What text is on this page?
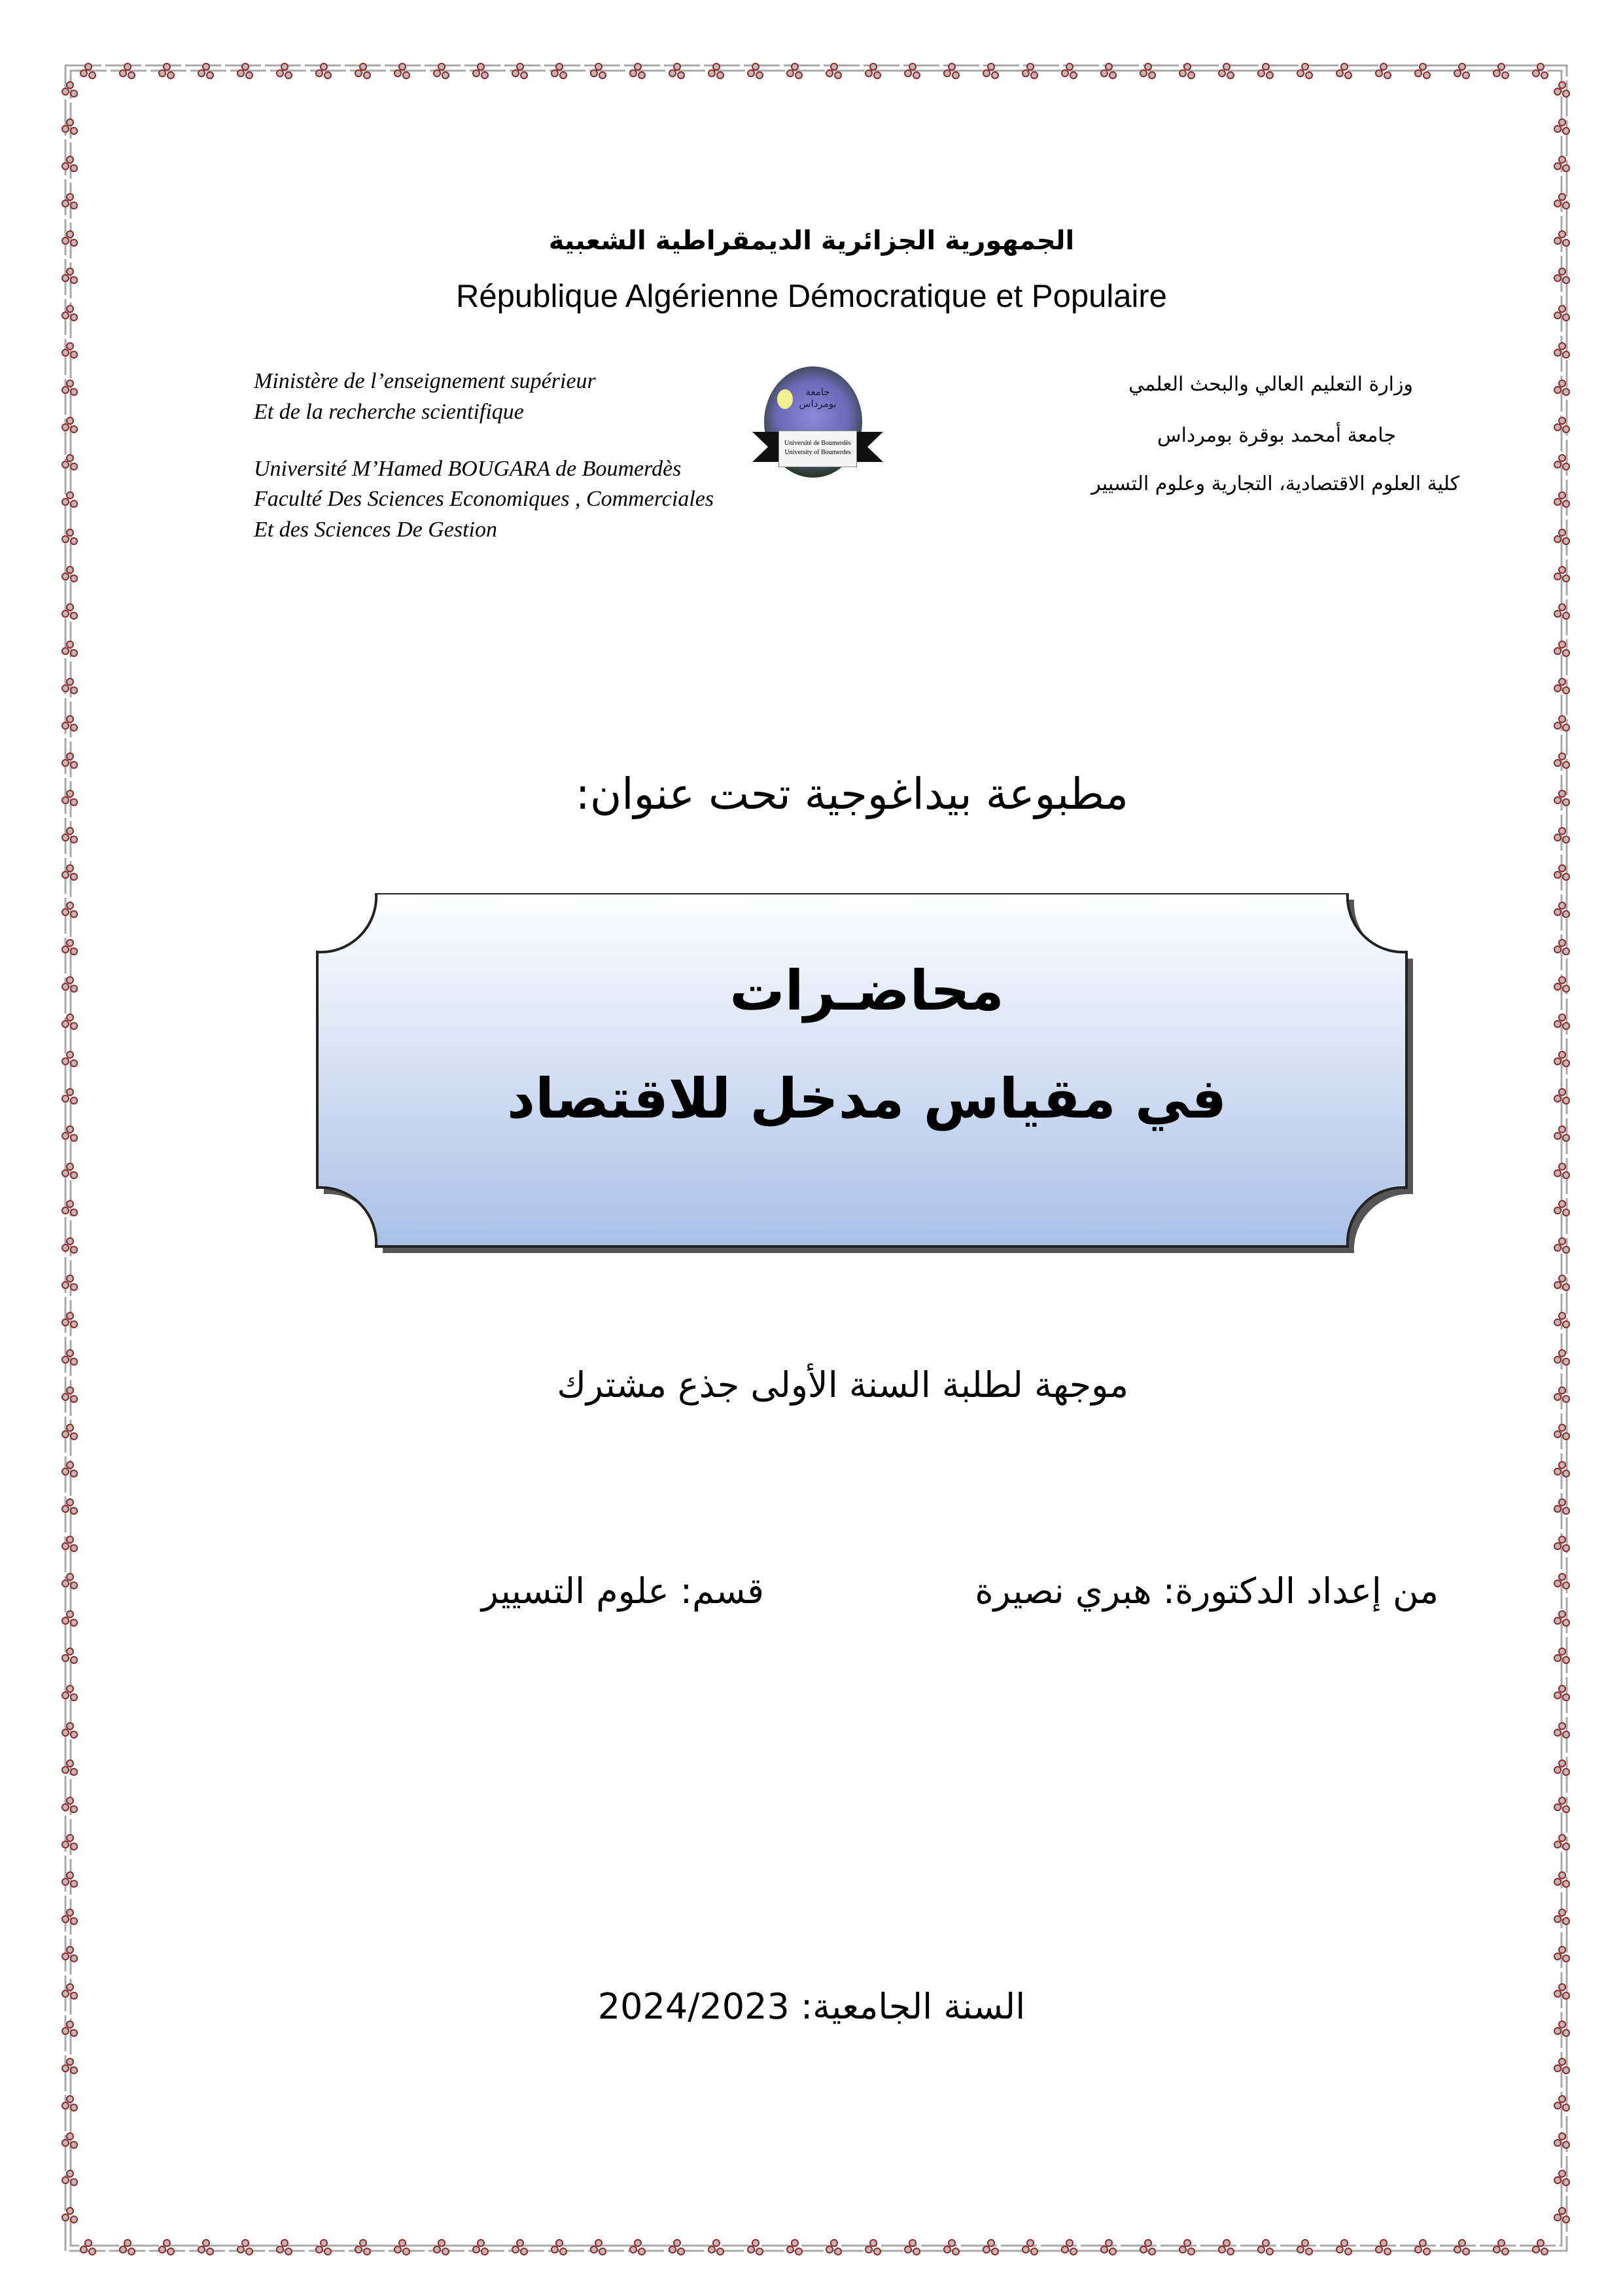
الجمهورية الجزائرية الديمقراطية الشعبية
République Algérienne Démocratique et Populaire
Ministère de l’enseignement supérieur
Et de la recherche scientifique
Université M’Hamed BOUGARA de Boumerdès
Faculté Des Sciences Economiques , Commerciales
Et des Sciences De Gestion
جامعة بومرداس
Université de Boumerdès
University of Boumerdes
وزارة التعليم العالي والبحث العلمي
جامعة أمحمد بوقرة بومرداس
كلية العلوم الاقتصادية، التجارية وعلوم التسيير
مطبوعة بيداغوجية تحت عنوان:
محاضـرات
في مقياس مدخل للاقتصاد
موجهة لطلبة السنة الأولى جذع مشترك
من إعداد الدكتورة: هبري نصيرة
قسم: علوم التسيير
السنة الجامعية: 2024/2023
